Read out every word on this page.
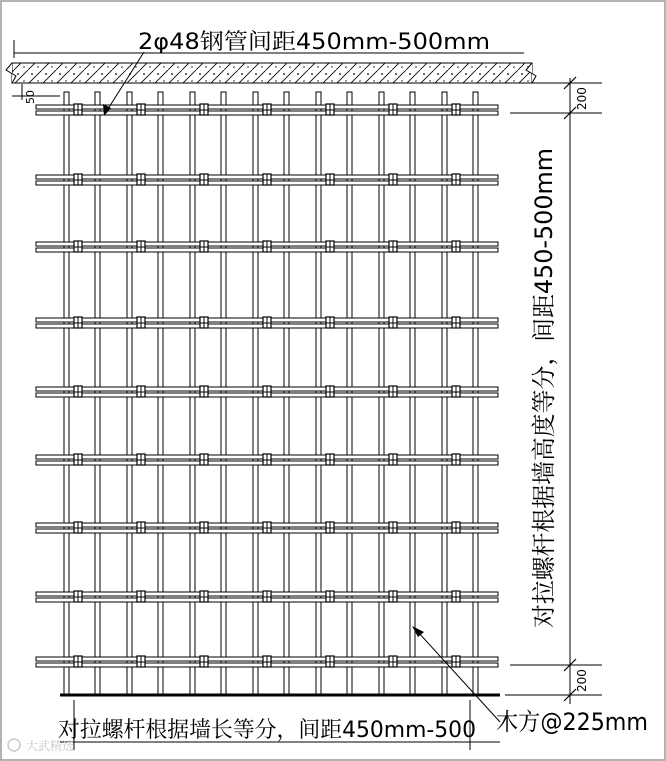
50	200
200
2φ48钢管间距450mm-500mm
对拉螺杆根据墙长等分，间距450mm-500 木方@225mm
对拉螺杆根据墙高度等分，间距450-500mm
大武精选
